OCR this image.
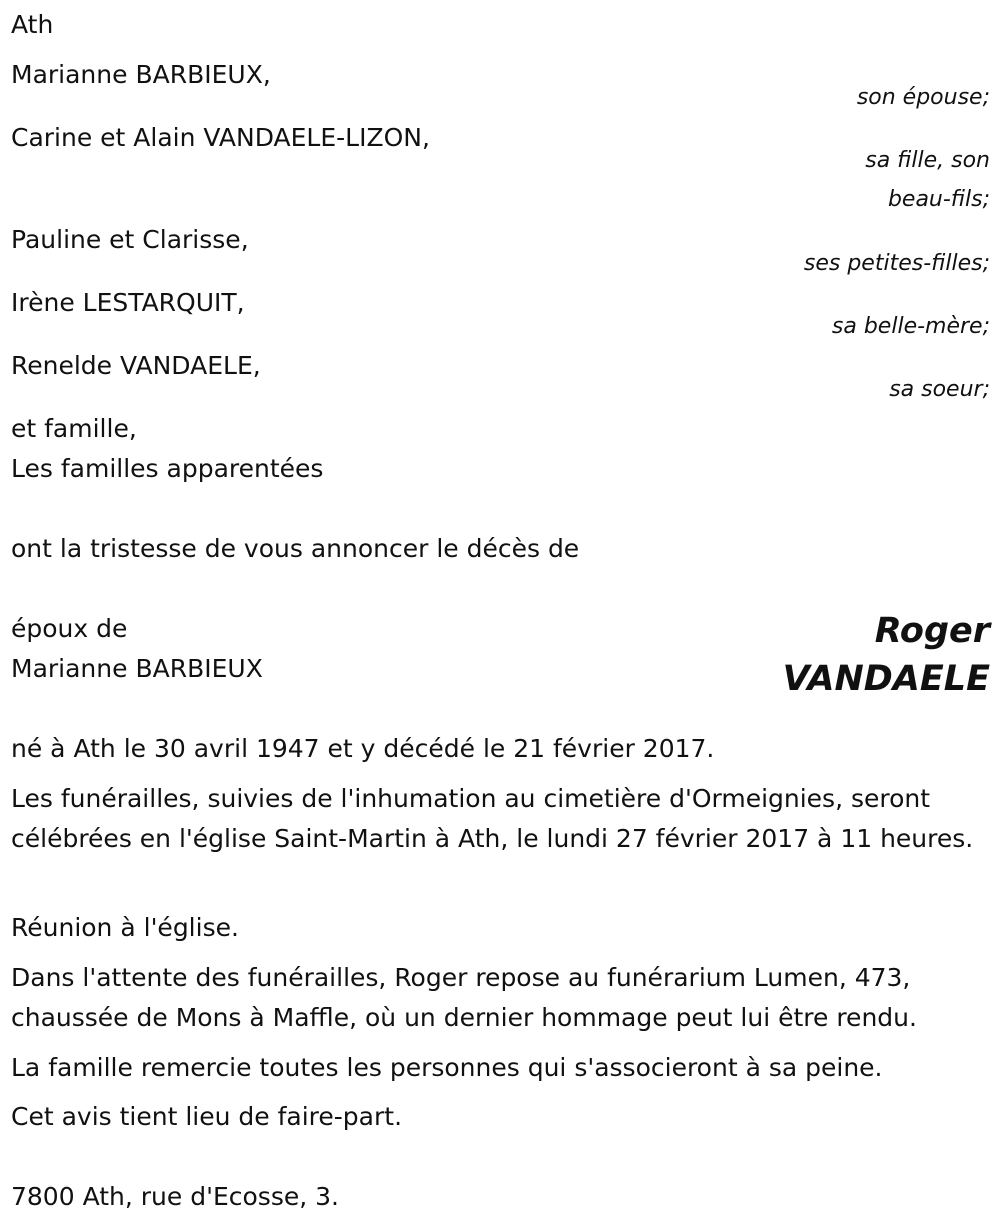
Ath
Marianne BARBIEUX,
son épouse;
Carine et Alain VANDAELE-LIZON,
sa fille, son
beau-fils;
Pauline et Clarisse,
ses petites-filles;
Irène LESTARQUIT,
sa belle-mère;
Renelde VANDAELE,
sa soeur;
et famille,
Les familles apparentées
ont la tristesse de vous annoncer le décès de
époux de
Marianne BARBIEUX
Roger
VANDAELE
né à Ath le 30 avril 1947 et y décédé le 21 février 2017.
Les funérailles, suivies de l'inhumation au cimetière d'Ormeignies, seront célébrées en l'église Saint-Martin à Ath, le lundi 27 février 2017 à 11 heures.
Réunion à l'église.
Dans l'attente des funérailles, Roger repose au funérarium Lumen, 473, chaussée de Mons à Maffle, où un dernier hommage peut lui être rendu.
La famille remercie toutes les personnes qui s'associeront à sa peine.
Cet avis tient lieu de faire-part.
7800 Ath, rue d'Ecosse, 3.
